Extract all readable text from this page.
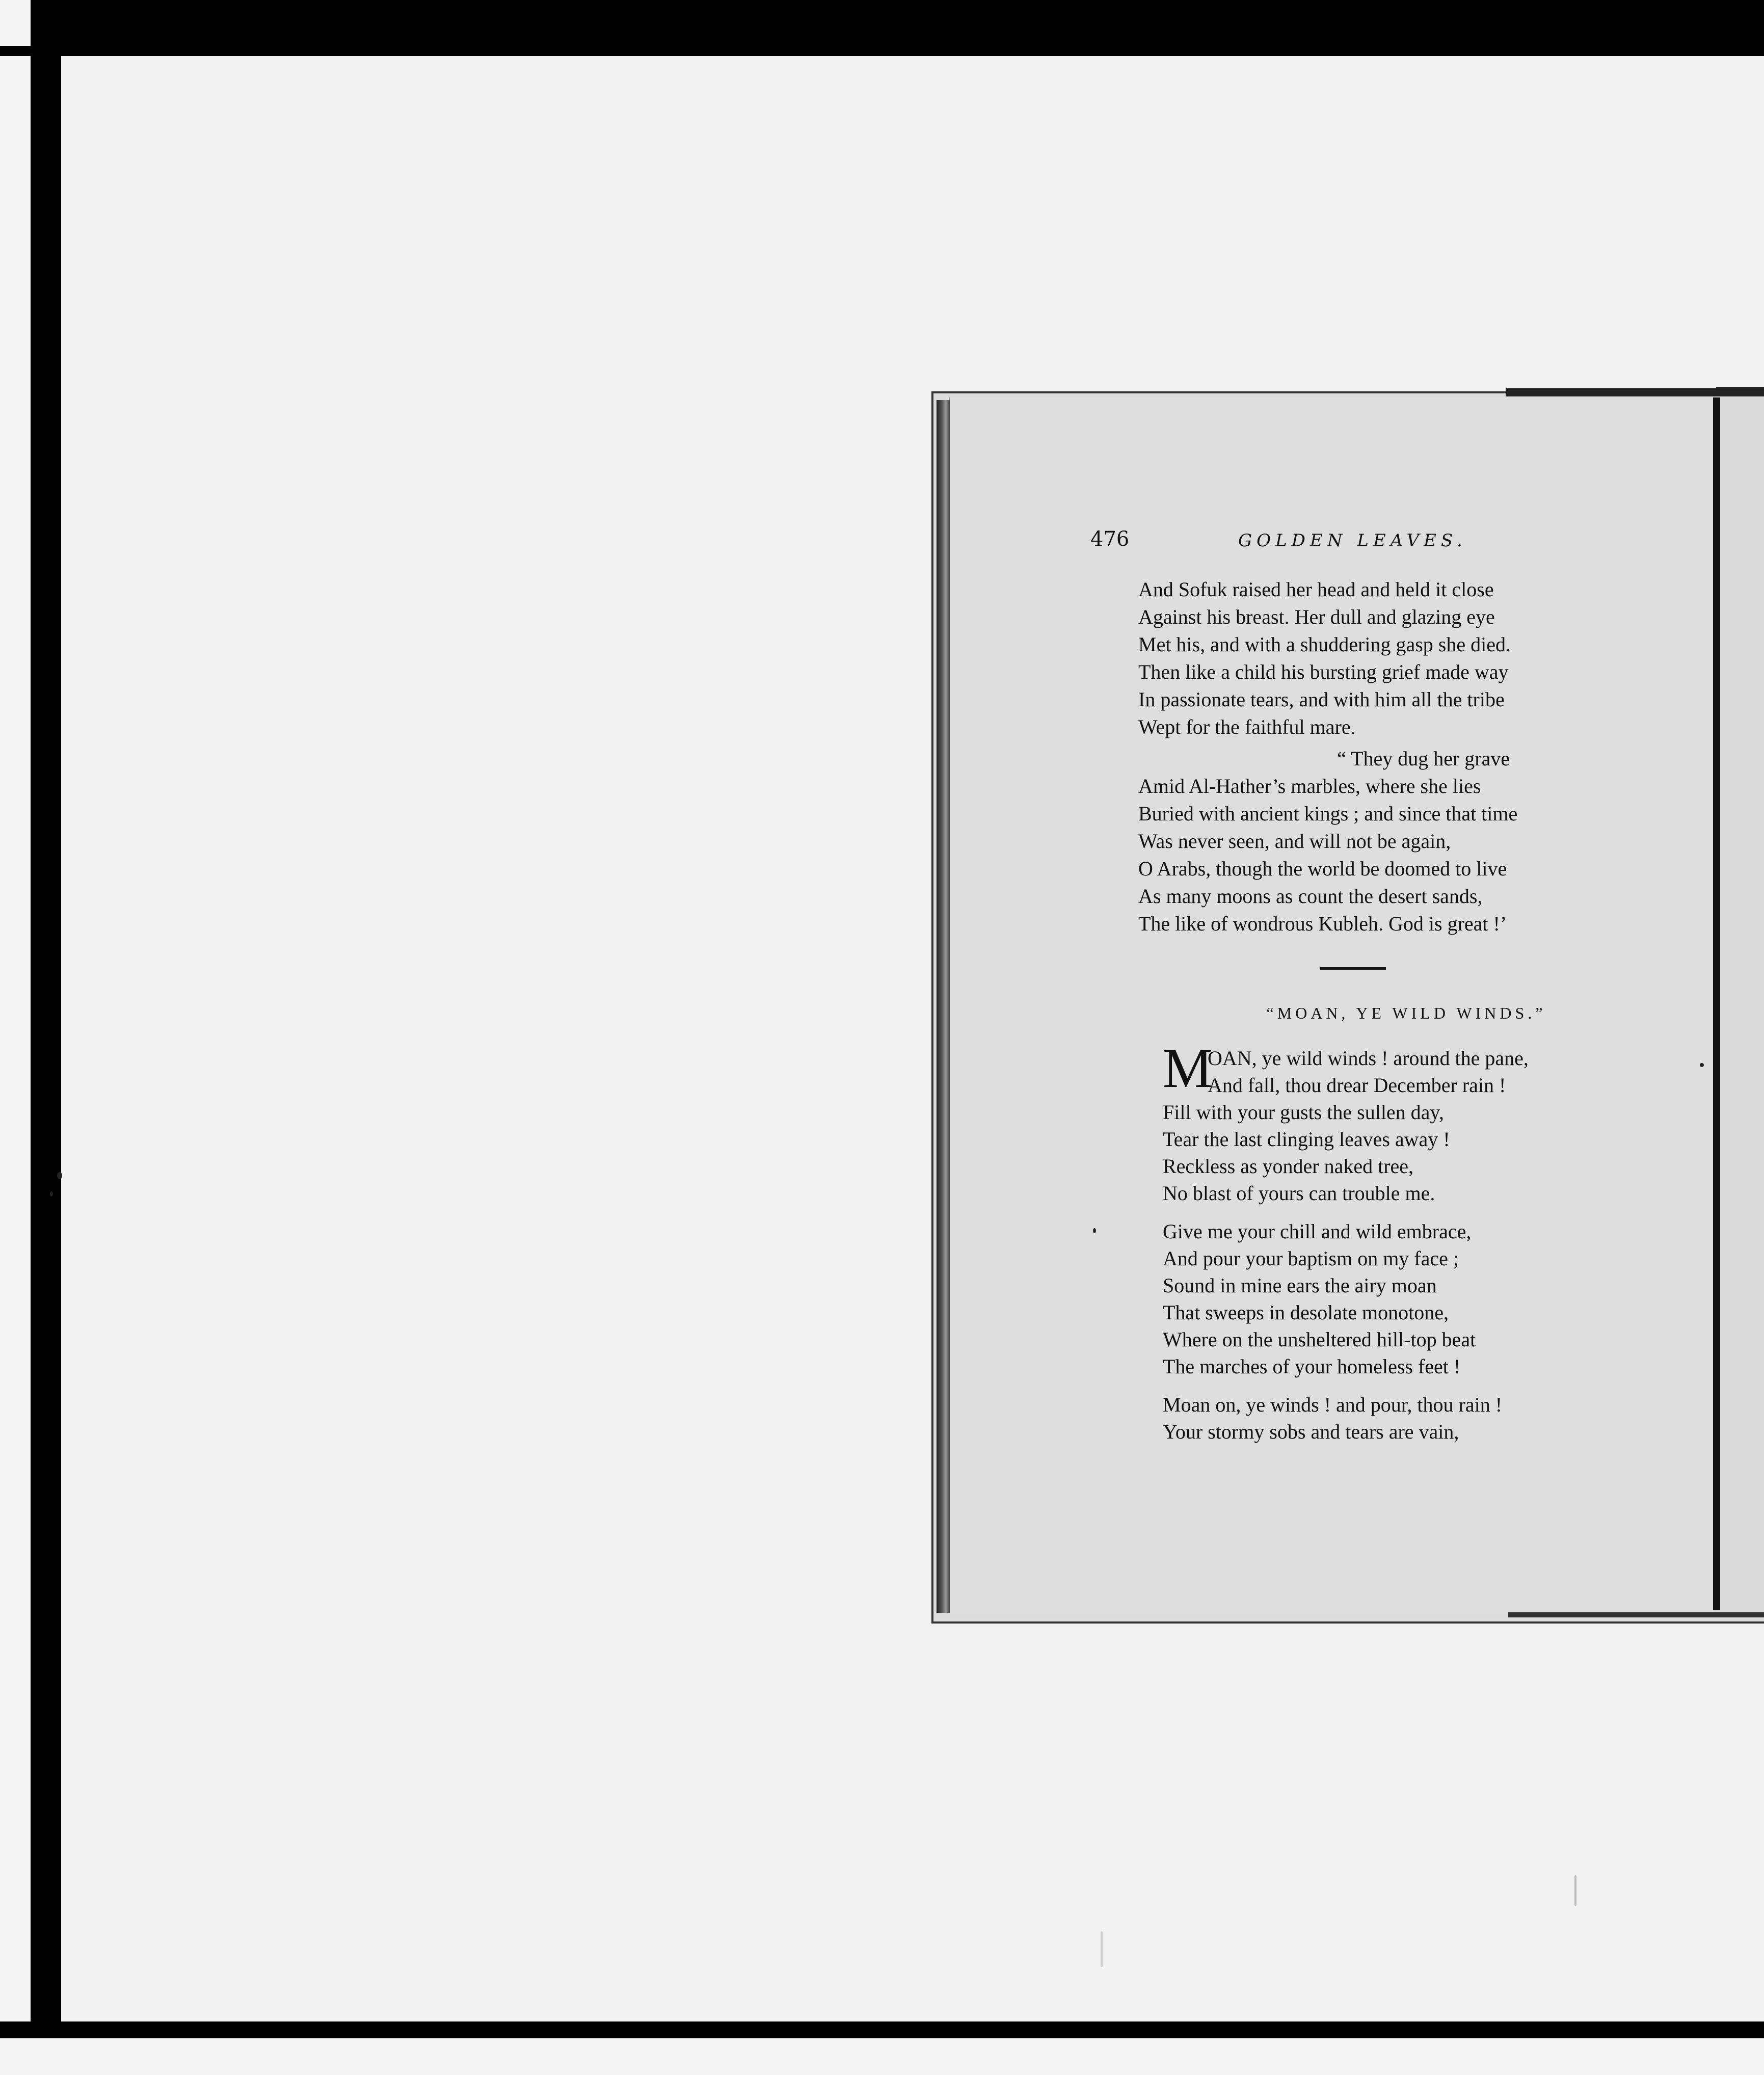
476	GOLDEN LEAVES.
And Sofuk raised her head and held it close
Against his breast. Her dull and glazing eye
Met his, and with a shuddering gasp she died.
Then like a child his bursting grief made way
In passionate tears, and with him all the tribe
Wept for the faithful mare.
“ They dug her grave
Amid Al-Hather’s marbles, where she lies
Buried with ancient kings ; and since that time
Was never seen, and will not be again,
O Arabs, though the world be doomed to live
As many moons as count the desert sands,
The like of wondrous Kubleh. God is great !’
“MOAN, YE WILD WINDS.”
M
OAN, ye wild winds ! around the pane,
And fall, thou drear December rain !
Fill with your gusts the sullen day,
Tear the last clinging leaves away !
Reckless as yonder naked tree,
No blast of yours can trouble me.
Give me your chill and wild embrace,
And pour your baptism on my face ;
Sound in mine ears the airy moan
That sweeps in desolate monotone,
Where on the unsheltered hill-top beat
The marches of your homeless feet !
Moan on, ye winds ! and pour, thou rain !
Your stormy sobs and tears are vain,
